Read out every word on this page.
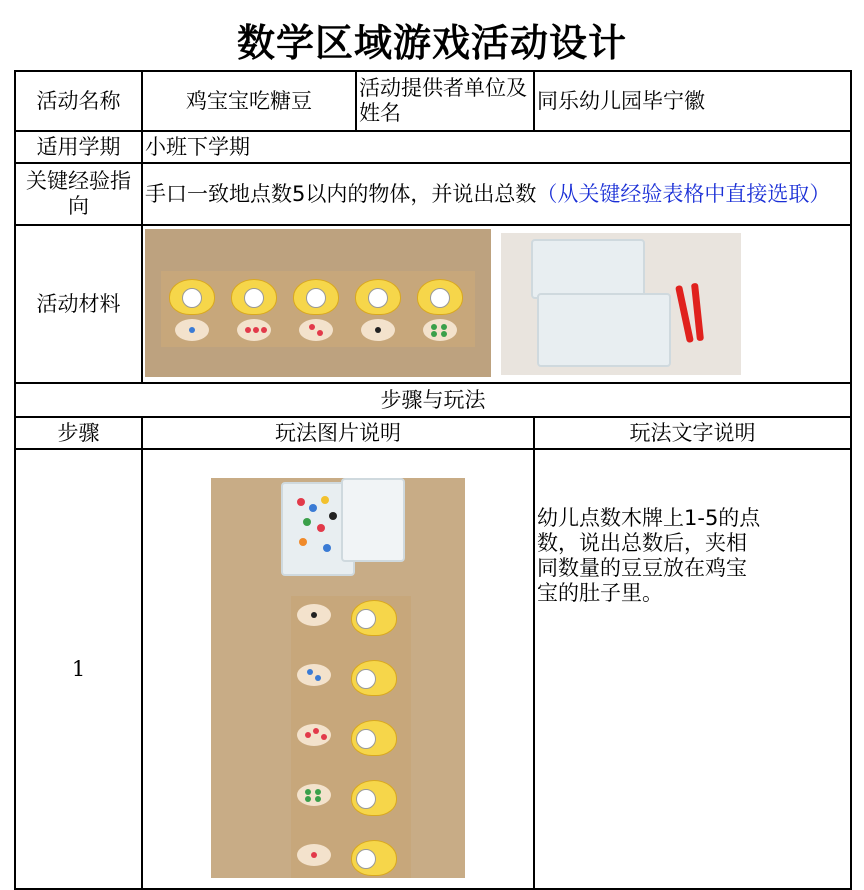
数学区域游戏活动设计
活动名称	鸡宝宝吃糖豆	活动提供者单位及姓名	同乐幼儿园毕宁徽
适用学期	小班下学期		
关键经验指向	手口一致地点数5以内的物体，并说出总数（从关键经验表格中直接选取）		
活动材料			

步骤与玩法			
步骤	玩法图片说明		玩法文字说明
1			幼儿点数木牌上1-5的点数，说出总数后，夹相同数量的豆豆放在鸡宝宝的肚子里。
